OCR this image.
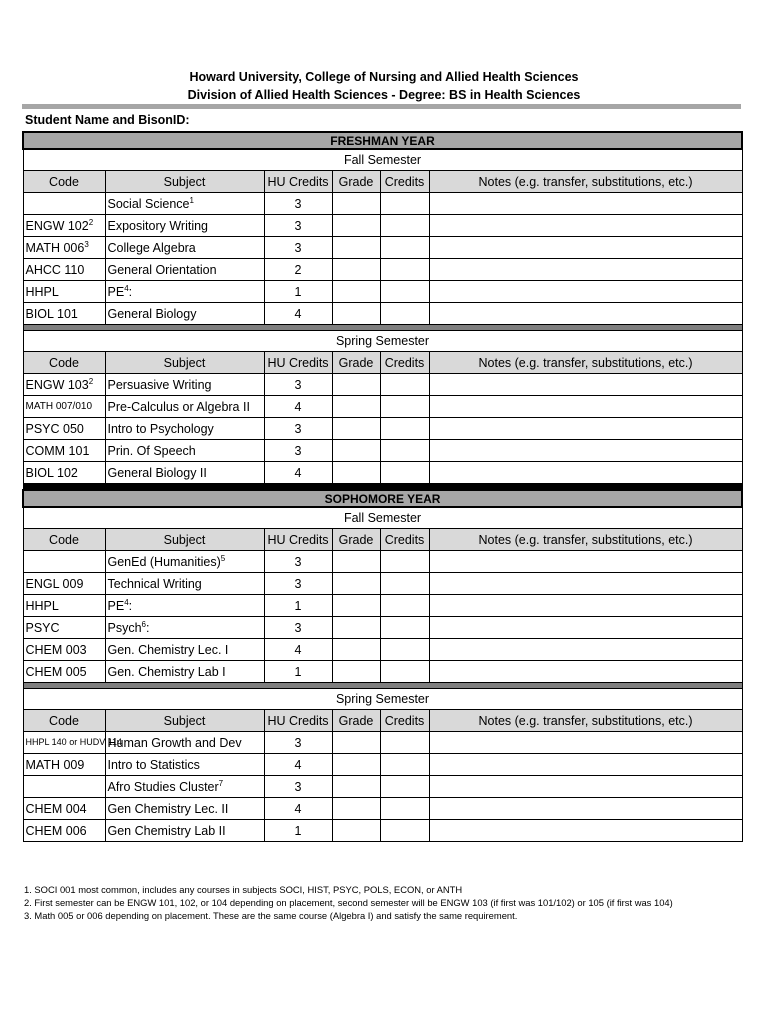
Howard University, College of Nursing and Allied Health Sciences
Division of Allied Health Sciences - Degree: BS in Health Sciences
Student Name and BisonID:
FRESHMAN YEAR					
Fall Semester					
Code	Subject	HU Credits	Grade	Credits	Notes (e.g. transfer, substitutions, etc.)
	Social Science$^1$	3			
ENGW $102^2$	Expository Writing	3			
MATH $006^3$	College Algebra	3			
AHCC 110	General Orientation	2			
HHPL	$PE^4$:	1			
BIOL 101	General Biology	4			

Spring Semester					
Code	Subject	HU Credits	Grade	Credits	Notes (e.g. transfer, substitutions, etc.)
ENGW $103^2$	Persuasive Writing	3			
MATH 007/010	Pre-Calculus or Algebra II	4			
PSYC 050	Intro to Psychology	3			
COMM 101	Prin. Of Speech	3			
BIOL 102	General Biology II	4			

SOPHOMORE YEAR					
Fall Semester					
Code	Subject	HU Credits	Grade	Credits	Notes (e.g. transfer, substitutions, etc.)
	GenEd (Humanities)$^5$	3			
ENGL 009	Technical Writing	3			
HHPL	$PE^4$:	1			
PSYC	Psych$^6$:	3			
CHEM 003	Gen. Chemistry Lec. I	4			
CHEM 005	Gen. Chemistry Lab I	1			

Spring Semester					
Code	Subject	HU Credits	Grade	Credits	Notes (e.g. transfer, substitutions, etc.)
HHPL 140 or HUDV 114	Human Growth and Dev	3			
MATH 009	Intro to Statistics	4			
	Afro Studies Cluster$^7$	3			
CHEM 004	Gen Chemistry Lec. II	4			
CHEM 006	Gen Chemistry Lab II	1			
1. SOCI 001 most common, includes any courses in subjects SOCI, HIST, PSYC, POLS, ECON, or ANTH
2. First semester can be ENGW 101, 102, or 104 depending on placement, second semester will be ENGW 103 (if first was 101/102) or 105 (if first was 104)
3. Math 005 or 006 depending on placement. These are the same course (Algebra I) and satisfy the same requirement.
